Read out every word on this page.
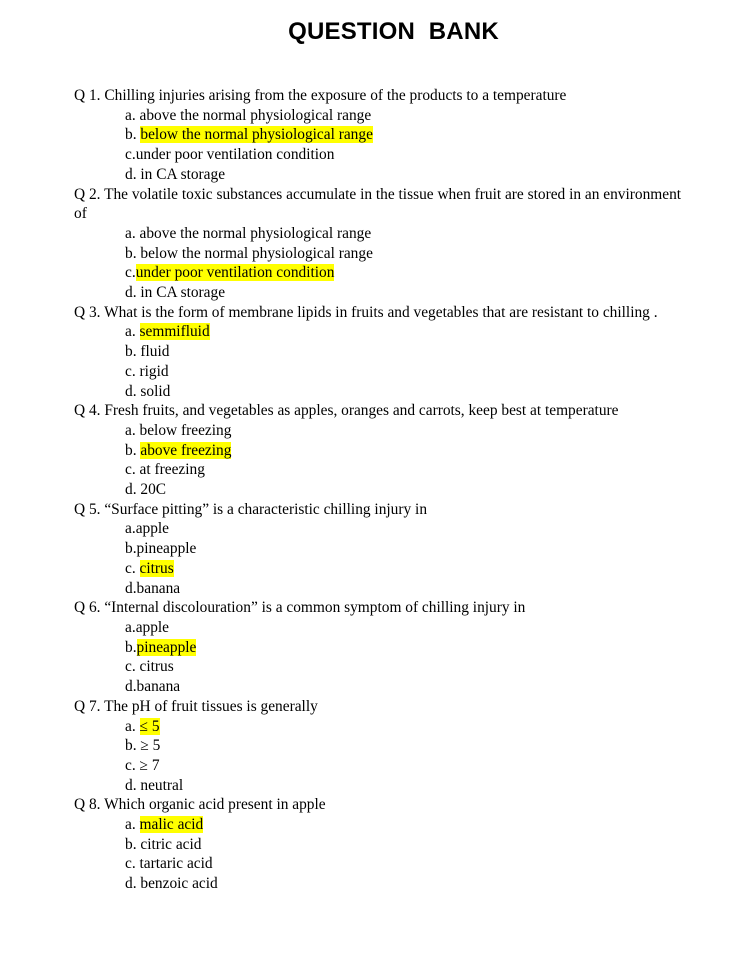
QUESTION  BANK

Q 1. Chilling injuries arising from the exposure of the products to a temperature

a. above the normal physiological range
b. below the normal physiological range
c.under poor ventilation condition
d. in CA storage

Q 2. The volatile toxic substances accumulate in the tissue when fruit are stored in an environment of

a. above the normal physiological range
b. below the normal physiological range
c.under poor ventilation condition
d. in CA storage

Q 3. What is the form of membrane lipids in fruits and vegetables that are resistant to chilling .

a. semmifluid
b. fluid
c. rigid
d. solid

Q 4. Fresh fruits, and vegetables as apples, oranges and carrots, keep best at temperature

a. below freezing
b. above freezing
c. at freezing
d. 20C

Q 5. “Surface pitting” is a characteristic chilling injury in

a.apple
b.pineapple
c. citrus
d.banana

Q 6. “Internal discolouration” is a common symptom of chilling injury in

a.apple
b.pineapple
c. citrus
d.banana

Q 7. The pH of fruit tissues is generally

a. ≤ 5
b. ≥ 5
c. ≥ 7
d. neutral

Q 8. Which organic acid present in apple

a. malic acid
b. citric acid
c. tartaric acid
d. benzoic acid
